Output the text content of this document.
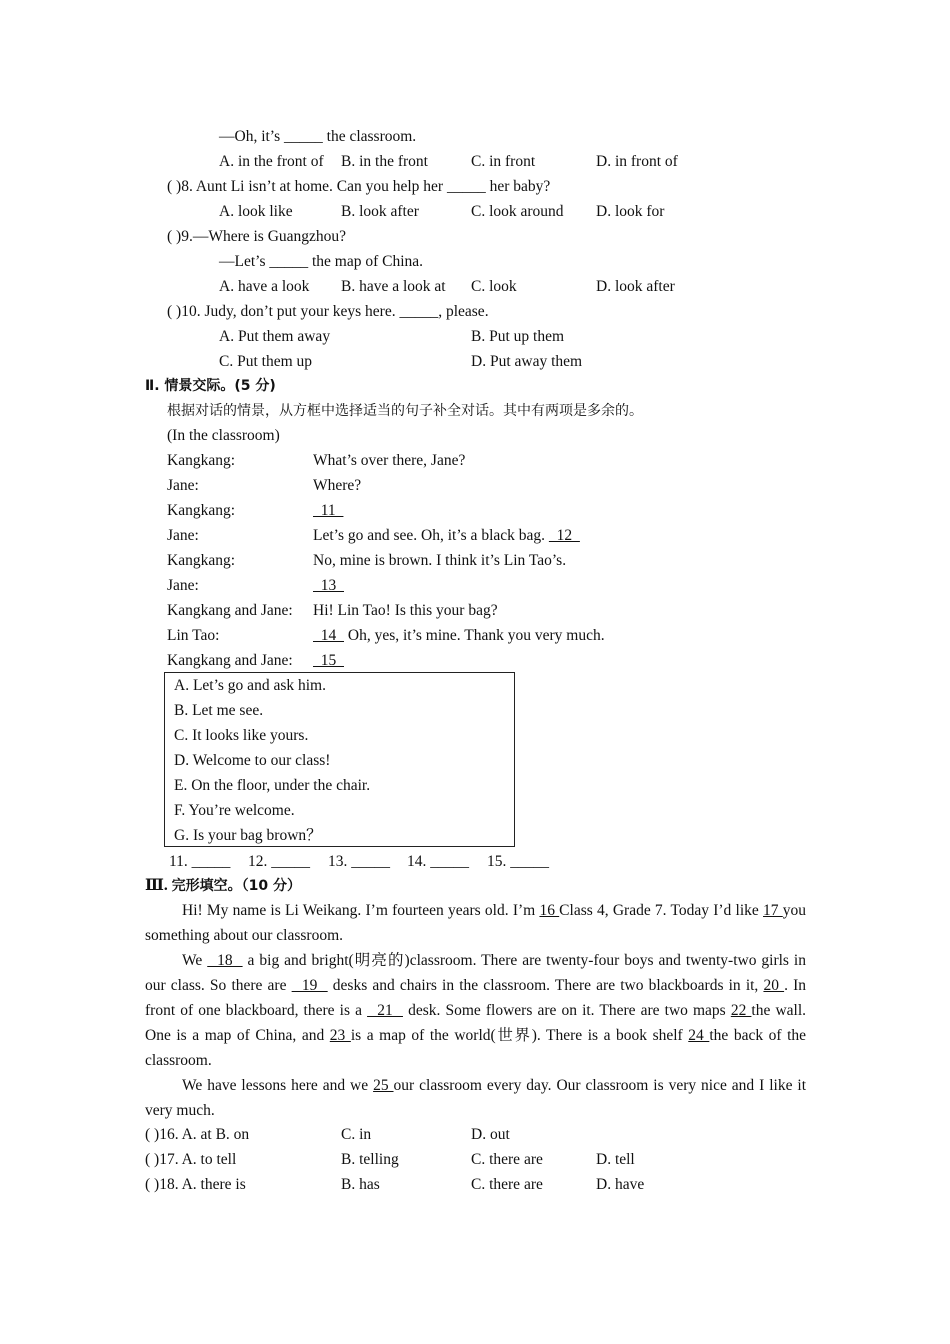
—Oh, it’s _____ the classroom.
A. in the front of B. in the front	C. in front	D. in front of
( )8. Aunt Li isn’t at home. Can you help her _____ her baby?
A. look like	B. look after	C. look around D. look for
( )9.—Where is Guangzhou?
—Let’s _____ the map of China.
A. have a look B. have a look at C. look	D. look after
( )10. Judy, don’t put your keys here. _____, please.
A. Put them away	B. Put up them
C. Put them up	D. Put away them
Ⅱ. 情景交际。(5 分)
根据对话的情景，从方框中选择适当的句子补全对话。其中有两项是多余的。
(In the classroom)
Kangkang:	What’s over there, Jane?
Jane:	Where?
Kangkang:	11
Jane:	Let’s go and see. Oh, it’s a black bag.   12
Kangkang:	No, mine is brown. I think it’s Lin Tao’s.
Jane:	13
Kangkang and Jane: Hi! Lin Tao! Is this your bag?
Lin Tao:	14   Oh, yes, it’s mine. Thank you very much.
Kangkang and Jane: 15
A. Let’s go and ask him.
B. Let me see.
C. It looks like yours.
D. Welcome to our class!
E. On the floor, under the chair.
F. You’re welcome.
G. Is your bag brown？
11. _____ 12. _____ 13. _____ 14. _____ 15. _____
Ⅲ. 完形填空。（10 分）
Hi! My name is Li Weikang. I’m fourteen years old. I’m 16 Class 4, Grade 7. Today I’d like 17 you something about our classroom.
We   18   a big and bright(明亮的)classroom. There are twenty-four boys and twenty-two girls in our class. So there are   19   desks and chairs in the classroom. There are two blackboards in it, 20 . In front of one blackboard, there is a   21   desk. Some flowers are on it. There are two maps 22 the wall. One is a map of China, and 23 is a map of the world(世界). There is a book shelf 24 the back of the classroom.
We have lessons here and we 25 our classroom every day. Our classroom is very nice and I like it very much.
( )16. A. at B. on	C. in	D. out
( )17. A. to tell	B. telling	C. there are	D. tell
( )18. A. there is	B. has	C. there are	D. have
